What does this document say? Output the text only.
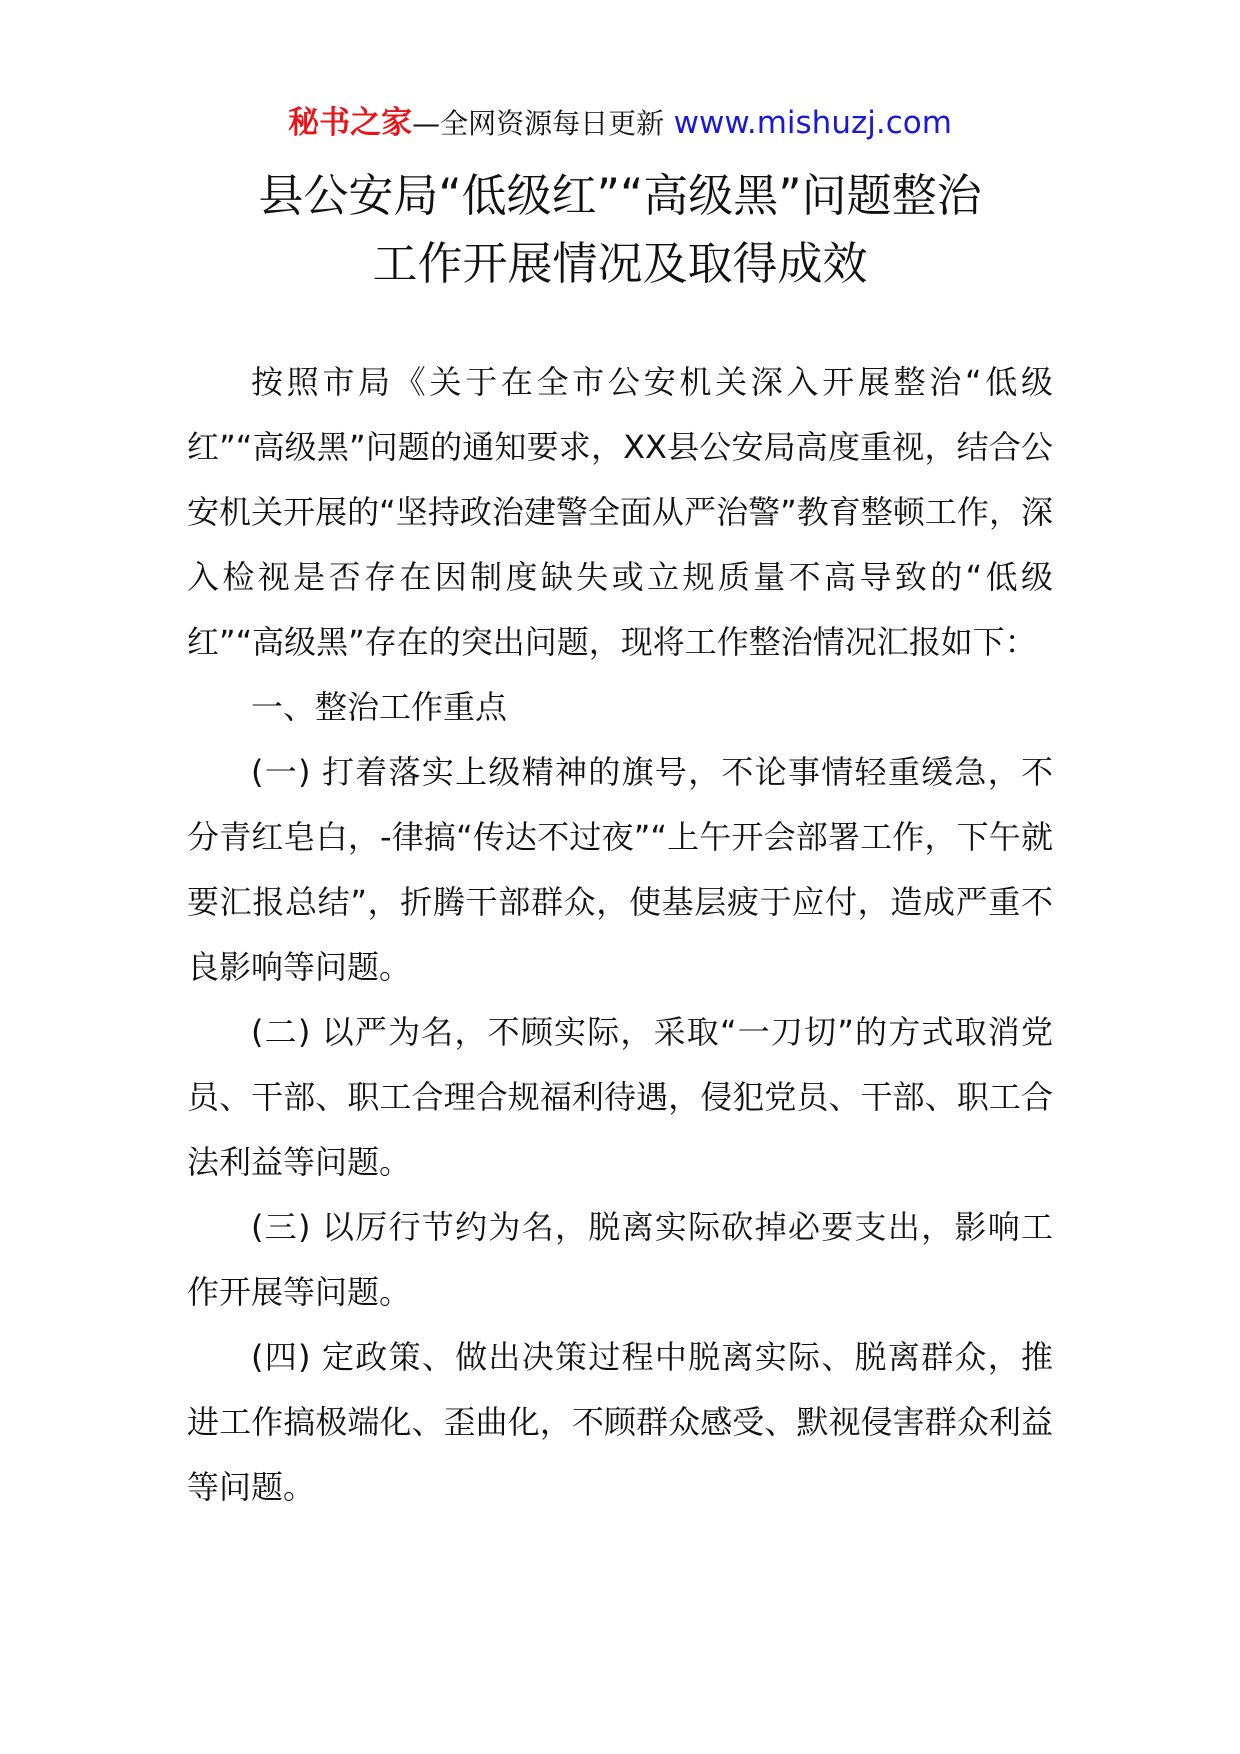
秘书之家—全网资源每日更新 www.mishuzj.com
县公安局“低级红”“高级黑”问题整治
工作开展情况及取得成效

按照市局《关于在全市公安机关深入开展整治“低级红”“高级黑”问题的通知要求，XX县公安局高度重视，结合公安机关开展的“坚持政治建警全面从严治警”教育整顿工作，深入检视是否存在因制度缺失或立规质量不高导致的“低级红”“高级黑”存在的突出问题，现将工作整治情况汇报如下：

一、整治工作重点

(一) 打着落实上级精神的旗号，不论事情轻重缓急，不分青红皂白，-律搞“传达不过夜”“上午开会部署工作，下午就要汇报总结”，折腾干部群众，使基层疲于应付，造成严重不良影响等问题。

(二) 以严为名，不顾实际，采取“一刀切”的方式取消党员、干部、职工合理合规福利待遇，侵犯党员、干部、职工合法利益等问题。

(三) 以厉行节约为名，脱离实际砍掉必要支出，影响工作开展等问题。

(四) 定政策、做出决策过程中脱离实际、脱离群众，推进工作搞极端化、歪曲化，不顾群众感受、默视侵害群众利益等问题。
